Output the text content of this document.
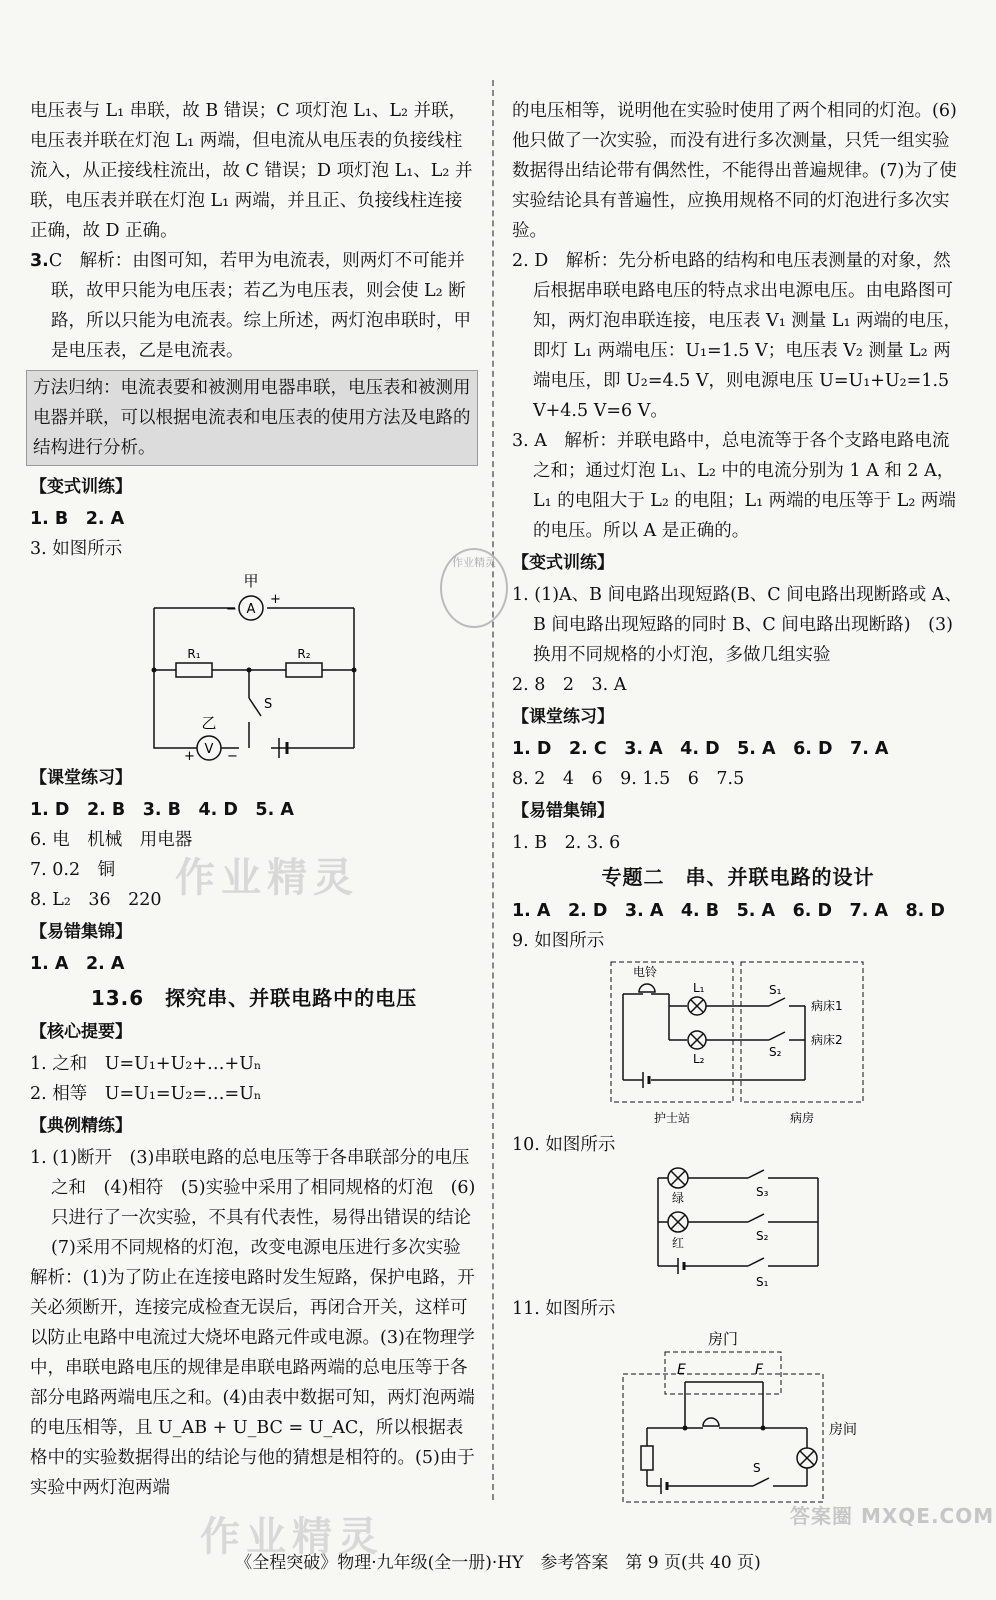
电压表与 L₁ 串联，故 B 错误；C 项灯泡 L₁、L₂ 并联，电压表并联在灯泡 L₁ 两端，但电流从电压表的负接线柱流入，从正接线柱流出，故 C 错误；D 项灯泡 L₁、L₂ 并联，电压表并联在灯泡 L₁ 两端，并且正、负接线柱连接正确，故 D 正确。

3.C　解析：由图可知，若甲为电流表，则两灯不可能并联，故甲只能为电压表；若乙为电压表，则会使 L₂ 断路，所以只能为电流表。综上所述，两灯泡串联时，甲是电压表，乙是电流表。

方法归纳：电流表要和被测用电器串联，电压表和被测用电器并联，可以根据电流表和电压表的使用方法及电路的结构进行分析。

【变式训练】

1. B　2. A

3. 如图所示

甲
A
−
+
R₁	R₂
S
乙
V
+ −

【课堂练习】

1. D　2. B　3. B　4. D　5. A

6. 电　机械　用电器

7. 0.2　铜

8. L₂　36　220

【易错集锦】

1. A　2. A

13.6　探究串、并联电路中的电压

【核心提要】

1. 之和　U=U₁+U₂+…+Uₙ

2. 相等　U=U₁=U₂=…=Uₙ

【典例精练】

1. (1)断开　(3)串联电路的总电压等于各串联部分的电压之和　(4)相符　(5)实验中采用了相同规格的灯泡　(6)只进行了一次实验，不具有代表性，易得出错误的结论　(7)采用不同规格的灯泡，改变电源电压进行多次实验

解析：(1)为了防止在连接电路时发生短路，保护电路，开关必须断开，连接完成检查无误后，再闭合开关，这样可以防止电路中电流过大烧坏电路元件或电源。(3)在物理学中，串联电路电压的规律是串联电路两端的总电压等于各部分电路两端电压之和。(4)由表中数据可知，两灯泡两端的电压相等，且 U_AB + U_BC = U_AC，所以根据表格中的实验数据得出的结论与他的猜想是相符的。(5)由于实验中两灯泡两端

的电压相等，说明他在实验时使用了两个相同的灯泡。(6)他只做了一次实验，而没有进行多次测量，只凭一组实验数据得出结论带有偶然性，不能得出普遍规律。(7)为了使实验结论具有普遍性，应换用规格不同的灯泡进行多次实验。

2. D　解析：先分析电路的结构和电压表测量的对象，然后根据串联电路电压的特点求出电源电压。由电路图可知，两灯泡串联连接，电压表 V₁ 测量 L₁ 两端的电压，即灯 L₁ 两端电压：U₁=1.5 V；电压表 V₂ 测量 L₂ 两端电压，即 U₂=4.5 V，则电源电压 U=U₁+U₂=1.5 V+4.5 V=6 V。

3. A　解析：并联电路中，总电流等于各个支路电路电流之和；通过灯泡 L₁、L₂ 中的电流分别为 1 A 和 2 A，L₁ 的电阻大于 L₂ 的电阻；L₁ 两端的电压等于 L₂ 两端的电压。所以 A 是正确的。

【变式训练】

1. (1)A、B 间电路出现短路(B、C 间电路出现断路或 A、B 间电路出现短路的同时 B、C 间电路出现断路)　(3)换用不同规格的小灯泡，多做几组实验

2. 8　2　3. A

【课堂练习】

1. D　2. C　3. A　4. D　5. A　6. D　7. A

8. 2　4　6　9. 1.5　6　7.5

【易错集锦】

1. B　2. 3. 6

专题二　串、并联电路的设计

1. A　2. D　3. A　4. B　5. A　6. D　7. A　8. D

9. 如图所示

电铃
L₁
L₂
S₁
S₂
病床1
病床2
护士站	病房

10. 如图所示

绿
红
S₃
S₂
S₁

11. 如图所示

房门
E	F
S
房间
作业精灵
作业精灵
作业精灵	答案圈 MXQE.COM
《全程突破》物理·九年级(全一册)·HY　参考答案　第 9 页(共 40 页)
